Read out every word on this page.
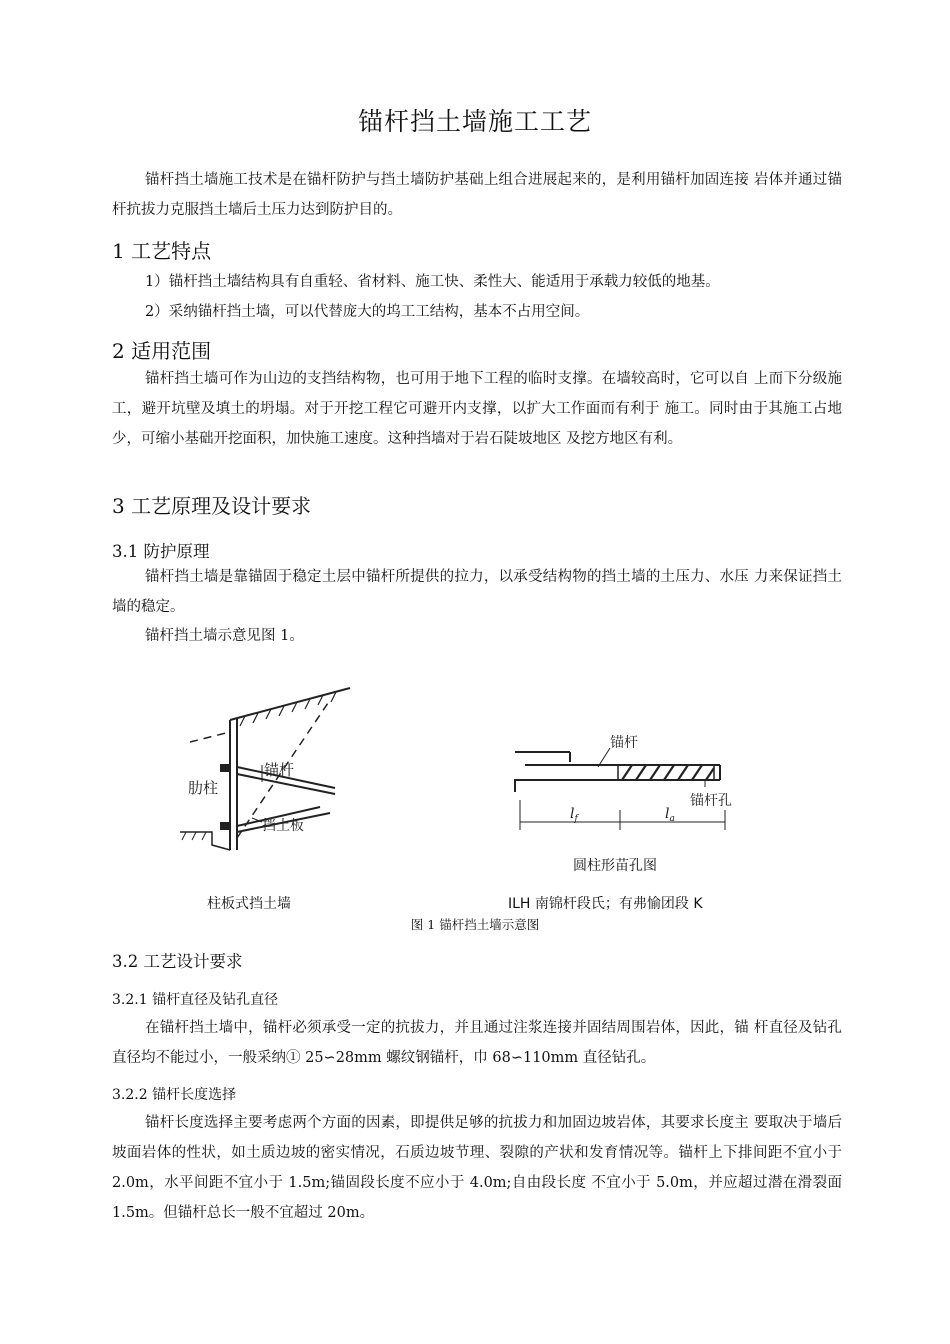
锚杆挡土墙施工工艺
锚杆挡土墙施工技术是在锚杆防护与挡土墙防护基础上组合进展起来的，是利用锚杆加固连接 岩体并通过锚杆抗拔力克服挡土墙后土压力达到防护目的。
1 工艺特点
1）锚杆挡土墙结构具有自重轻、省材料、施工快、柔性大、能适用于承载力较低的地基。
2）采纳锚杆挡土墙，可以代替庞大的坞工工结构，基本不占用空间。
2 适用范围
锚杆挡土墙可作为山边的支挡结构物，也可用于地下工程的临时支撑。在墙较高时，它可以自 上而下分级施工，避开坑壁及填土的坍塌。对于开挖工程它可避开内支撑，以扩大工作面而有利于 施工。同时由于其施工占地少，可缩小基础开挖面积，加快施工速度。这种挡墙对于岩石陡坡地区 及挖方地区有利。
3 工艺原理及设计要求
3.1 防护原理
锚杆挡土墙是靠锚固于稳定土层中锚杆所提供的拉力，以承受结构物的挡土墙的土压力、水压 力来保证挡土墙的稳定。
锚杆挡土墙示意见图 1。
肋柱
锚杆
挡土板
锚杆
锚杆孔
$l_f$	$l_a$
柱板式挡土墙
圆柱形苗孔图
ILH 南锦杆段氏；有弗愉团段 K
图 1 锚杆挡土墙示意图
3.2 工艺设计要求
3.2.1 锚杆直径及钻孔直径
在锚杆挡土墙中，锚杆必须承受一定的抗拔力，并且通过注浆连接并固结周围岩体，因此，锚 杆直径及钻孔直径均不能过小，一般采纳① 25∽28mm 螺纹钢锚杆，巾 68∽110mm 直径钻孔。
3.2.2 锚杆长度选择
锚杆长度选择主要考虑两个方面的因素，即提供足够的抗拔力和加固边坡岩体，其要求长度主 要取决于墙后坡面岩体的性状，如土质边坡的密实情况，石质边坡节理、裂隙的产状和发育情况等。锚杆上下排间距不宜小于 2.0m，水平间距不宜小于 1.5m;锚固段长度不应小于 4.0m;自由段长度 不宜小于 5.0m，并应超过潜在滑裂面 1.5m。但锚杆总长一般不宜超过 20m。
